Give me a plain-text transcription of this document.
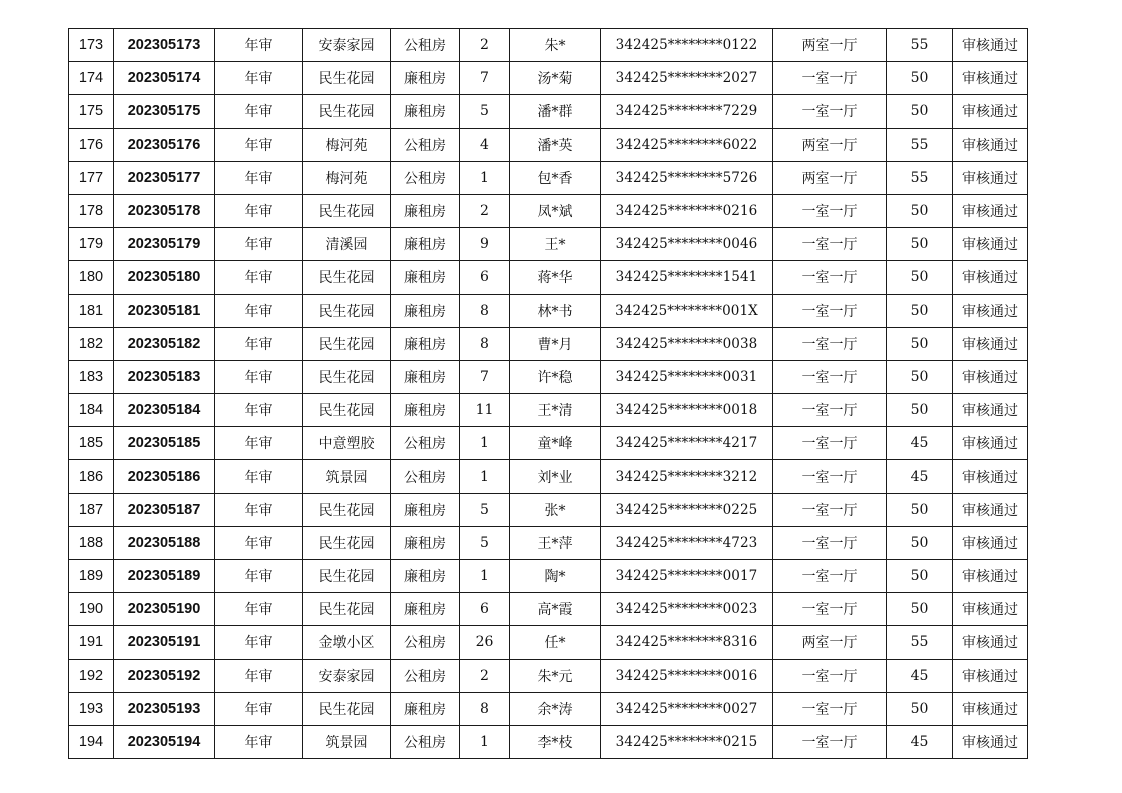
173	202305173	年审	安泰家园	公租房	2	朱*	342425********0122	两室一厅	55	审核通过
174	202305174	年审	民生花园	廉租房	7	汤*菊	342425********2027	一室一厅	50	审核通过
175	202305175	年审	民生花园	廉租房	5	潘*群	342425********7229	一室一厅	50	审核通过
176	202305176	年审	梅河苑	公租房	4	潘*英	342425********6022	两室一厅	55	审核通过
177	202305177	年审	梅河苑	公租房	1	包*香	342425********5726	两室一厅	55	审核通过
178	202305178	年审	民生花园	廉租房	2	凤*斌	342425********0216	一室一厅	50	审核通过
179	202305179	年审	清溪园	廉租房	9	王*	342425********0046	一室一厅	50	审核通过
180	202305180	年审	民生花园	廉租房	6	蒋*华	342425********1541	一室一厅	50	审核通过
181	202305181	年审	民生花园	廉租房	8	林*书	342425********001X	一室一厅	50	审核通过
182	202305182	年审	民生花园	廉租房	8	曹*月	342425********0038	一室一厅	50	审核通过
183	202305183	年审	民生花园	廉租房	7	许*稳	342425********0031	一室一厅	50	审核通过
184	202305184	年审	民生花园	廉租房	11	王*清	342425********0018	一室一厅	50	审核通过
185	202305185	年审	中意塑胶	公租房	1	童*峰	342425********4217	一室一厅	45	审核通过
186	202305186	年审	筑景园	公租房	1	刘*业	342425********3212	一室一厅	45	审核通过
187	202305187	年审	民生花园	廉租房	5	张*	342425********0225	一室一厅	50	审核通过
188	202305188	年审	民生花园	廉租房	5	王*萍	342425********4723	一室一厅	50	审核通过
189	202305189	年审	民生花园	廉租房	1	陶*	342425********0017	一室一厅	50	审核通过
190	202305190	年审	民生花园	廉租房	6	高*霞	342425********0023	一室一厅	50	审核通过
191	202305191	年审	金墩小区	公租房	26	任*	342425********8316	两室一厅	55	审核通过
192	202305192	年审	安泰家园	公租房	2	朱*元	342425********0016	一室一厅	45	审核通过
193	202305193	年审	民生花园	廉租房	8	余*涛	342425********0027	一室一厅	50	审核通过
194	202305194	年审	筑景园	公租房	1	李*枝	342425********0215	一室一厅	45	审核通过
